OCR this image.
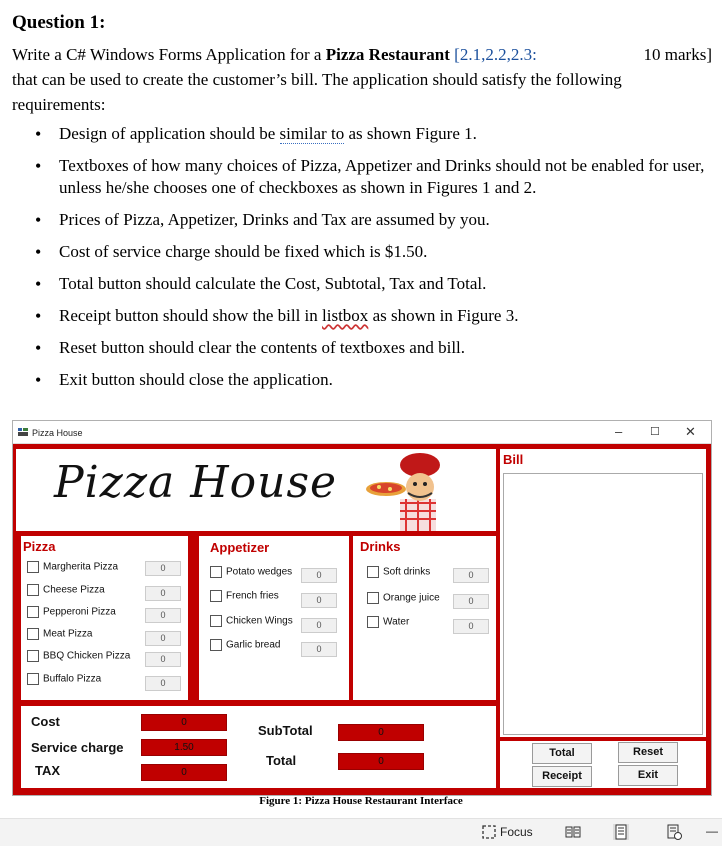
Question 1:

Write a C# Windows Forms Application for a Pizza Restaurant [2.1,2.2,2.3:	10 marks]

that can be used to create the customer’s bill. The application should satisfy the following requirements:

• Design of application should be similar to as shown Figure 1.
• Textboxes of how many choices of Pizza, Appetizer and Drinks should not be enabled for user, unless he/she chooses one of checkboxes as shown in Figures 1 and 2.
• Prices of Pizza, Appetizer, Drinks and Tax are assumed by you.
• Cost of service charge should be fixed which is $1.50.
• Total button should calculate the Cost, Subtotal, Tax and Total.
• Receipt button should show the bill in listbox as shown in Figure 3.
• Reset button should clear the contents of textboxes and bill.
• Exit button should close the application.
Pizza House	–	☐ ✕
Pizza House	Bill
Pizza
Margherita Pizza	0
Cheese Pizza	0
Pepperoni Pizza	0
Meat Pizza	0
BBQ Chicken Pizza	0
Buffalo Pizza	0
Appetizer
Potato wedges	0
French fries	0
Chicken Wings	0
Garlic bread	0
Drinks
Soft drinks	0
Orange juice	0
Water	0
Cost	0
Service charge	1.50
TAX	0
SubTotal	0
Total	0
Total	Reset
Receipt	Exit
Figure 1: Pizza House Restaurant Interface
Focus	—
